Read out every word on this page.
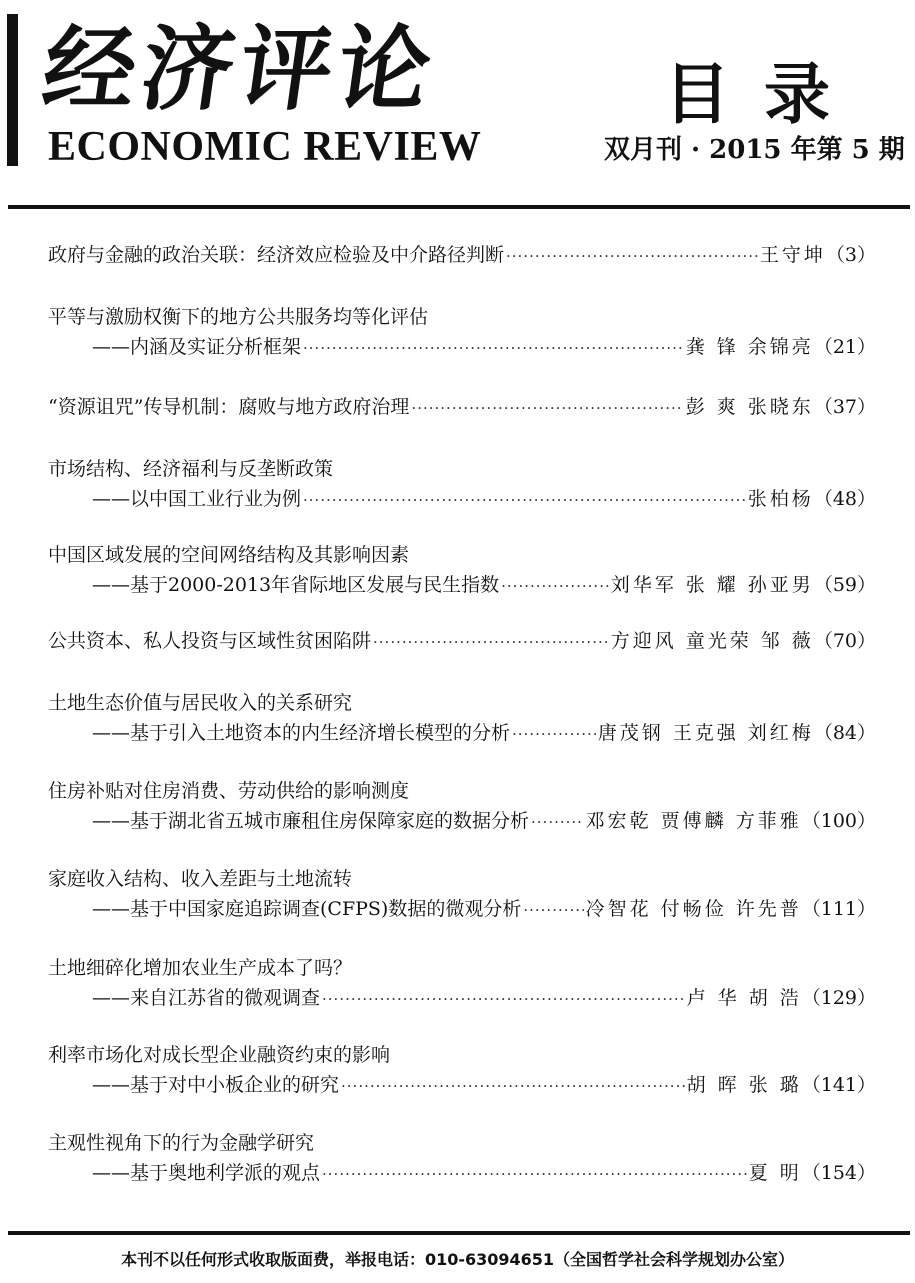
经济评论
ECONOMIC REVIEW
目录
双月刊 · 2015 年第 5 期
政府与金融的政治关联：经济效应检验及中介路径判断 ·····	王守坤 （3）
平等与激励权衡下的地方公共服务均等化评估
——内涵及实证分析框架 ·····	龚 锋 余锦亮 （21）
“资源诅咒”传导机制：腐败与地方政府治理 ·····	彭 爽 张晓东 （37）
市场结构、经济福利与反垄断政策
——以中国工业行业为例 ·····	张柏杨 （48）
中国区域发展的空间网络结构及其影响因素
——基于2000-2013年省际地区发展与民生指数 ·····	刘华军 张 耀 孙亚男 （59）
公共资本、私人投资与区域性贫困陷阱 ·····	方迎风 童光荣 邹 薇 （70）
土地生态价值与居民收入的关系研究
——基于引入土地资本的内生经济增长模型的分析 ·····	唐茂钢 王克强 刘红梅 （84）
住房补贴对住房消费、劳动供给的影响测度
——基于湖北省五城市廉租住房保障家庭的数据分析 ·····	邓宏乾 贾傅麟 方菲雅 （100）
家庭收入结构、收入差距与土地流转
——基于中国家庭追踪调查(CFPS)数据的微观分析 ·····	冷智花 付畅俭 许先普 （111）
土地细碎化增加农业生产成本了吗？
——来自江苏省的微观调查 ·····	卢 华 胡 浩 （129）
利率市场化对成长型企业融资约束的影响
——基于对中小板企业的研究 ·····	胡 晖 张 璐 （141）
主观性视角下的行为金融学研究
——基于奥地利学派的观点 ·····	夏 明 （154）
本刊不以任何形式收取版面费，举报电话：010-63094651（全国哲学社会科学规划办公室）
